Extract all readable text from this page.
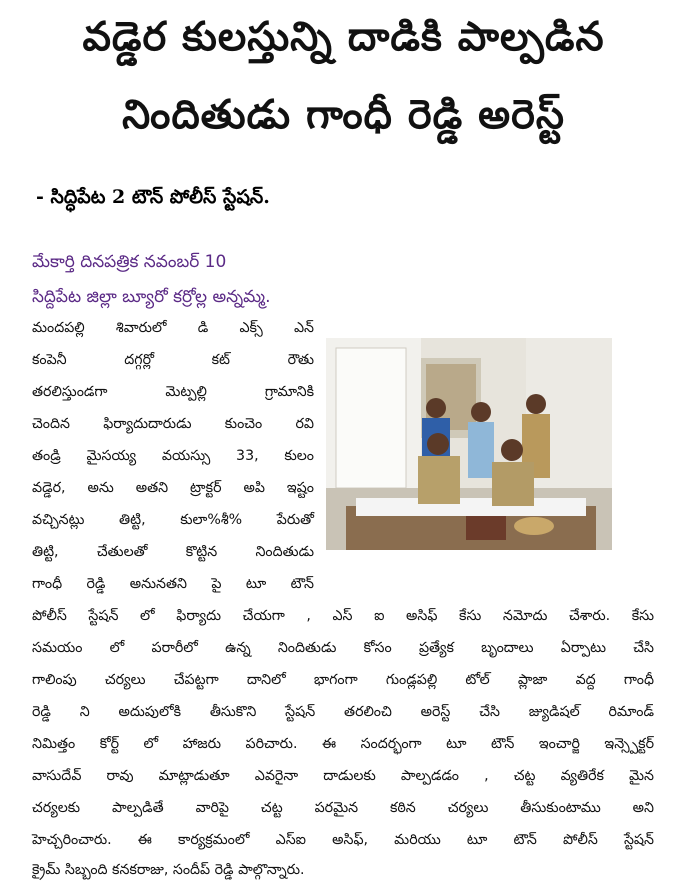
వడ్డెర కులస్తున్ని దాడికి పాల్పడిన
నిందితుడు గాంధీ రెడ్డి అరెస్ట్
- సిద్ధిపేట 2 టౌన్ పోలీస్ స్టేషన్.
మేకార్తి దినపత్రిక నవంబర్ 10
సిద్దిపేట జిల్లా బ్యూరో కర్రోల్ల అన్నమ్మ.
మందపల్లి శివారులో డి ఎక్స్ ఎన్
కంపెనీ దగ్గర్లో కట్ రౌతు
తరలిస్తుండగా మెట్పల్లి గ్రామానికి
చెందిన ఫిర్యాదుదారుడు కుంచెం రవి
తండ్రి మైసయ్య వయస్సు 33, కులం
వడ్డెర, అను అతని ట్రాక్టర్ అపి ఇష్టం
వచ్చినట్లు తిట్టి, కులా%శీ% పేరుతో
తిట్టి, చేతులతో కొట్టిన నిందితుడు
గాంధీ రెడ్డి అనునతని పై టూ టౌన్
పోలీస్ స్టేషన్ లో ఫిర్యాదు చేయగా , ఎస్ ఐ అసిఫ్ కేసు నమోదు చేశారు. కేసు
సమయం లో పరారీలో ఉన్న నిందితుడు కోసం ప్రత్యేక బృందాలు ఏర్పాటు చేసి
గాలింపు చర్యలు చేపట్టగా దానిలో భాగంగా గుండ్లపల్లి టోల్ ప్లాజా వద్ద గాంధీ
రెడ్డి ని అదుపులోకి తీసుకొని స్టేషన్ తరలించి అరెస్ట్ చేసి జ్యుడిషల్ రిమాండ్
నిమిత్తం కోర్ట్ లో హాజరు పరిచారు. ఈ సందర్భంగా టూ టౌన్ ఇంచార్జి ఇన్స్పెక్టర్
వాసుదేవ్ రావు మాట్లాడుతూ ఎవరైనా దాడులకు పాల్పడడం , చట్ట వ్యతిరేక మైన
చర్యలకు పాల్పడితే వారిపై చట్ట పరమైన కఠిన చర్యలు తీసుకుంటాము అని
హెచ్చరించారు. ఈ కార్యక్రమంలో ఎస్ఐ అసిఫ్, మరియు టూ టౌన్ పోలీస్ స్టేషన్
క్రైమ్ సిబ్బంది కనకరాజు, సందీప్ రెడ్డి పాల్గొన్నారు.
